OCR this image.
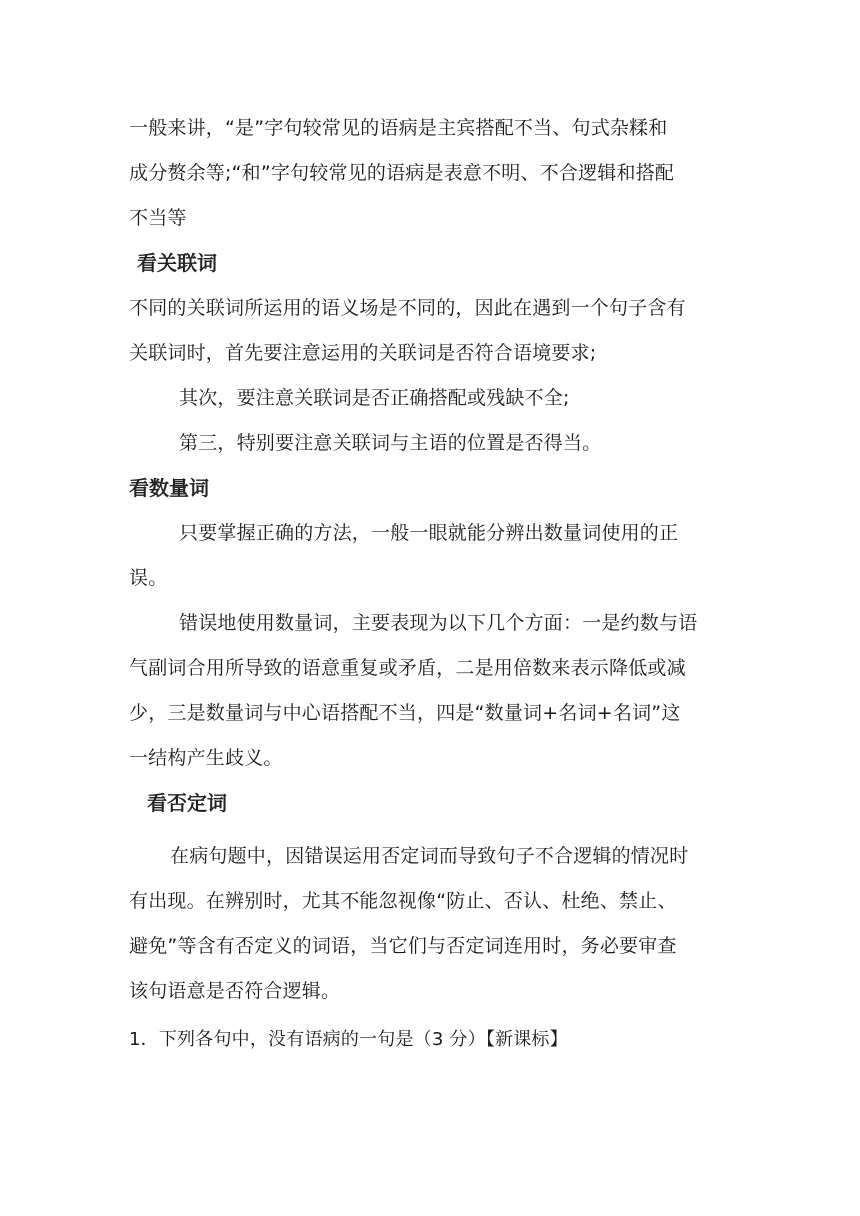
一般来讲，“是”字句较常见的语病是主宾搭配不当、句式杂糅和
成分赘余等;“和”字句较常见的语病是表意不明、不合逻辑和搭配
不当等
看关联词
不同的关联词所运用的语义场是不同的，因此在遇到一个句子含有
关联词时，首先要注意运用的关联词是否符合语境要求;
其次，要注意关联词是否正确搭配或残缺不全;
第三，特别要注意关联词与主语的位置是否得当。
看数量词
只要掌握正确的方法，一般一眼就能分辨出数量词使用的正
误。
错误地使用数量词，主要表现为以下几个方面：一是约数与语
气副词合用所导致的语意重复或矛盾，二是用倍数来表示降低或减
少，三是数量词与中心语搭配不当，四是“数量词+名词+名词”这
一结构产生歧义。
看否定词
在病句题中，因错误运用否定词而导致句子不合逻辑的情况时
有出现。在辨别时，尤其不能忽视像“防止、否认、杜绝、禁止、
避免”等含有否定义的词语，当它们与否定词连用时，务必要审查
该句语意是否符合逻辑。
1．下列各句中，没有语病的一句是（3 分）【新课标】
